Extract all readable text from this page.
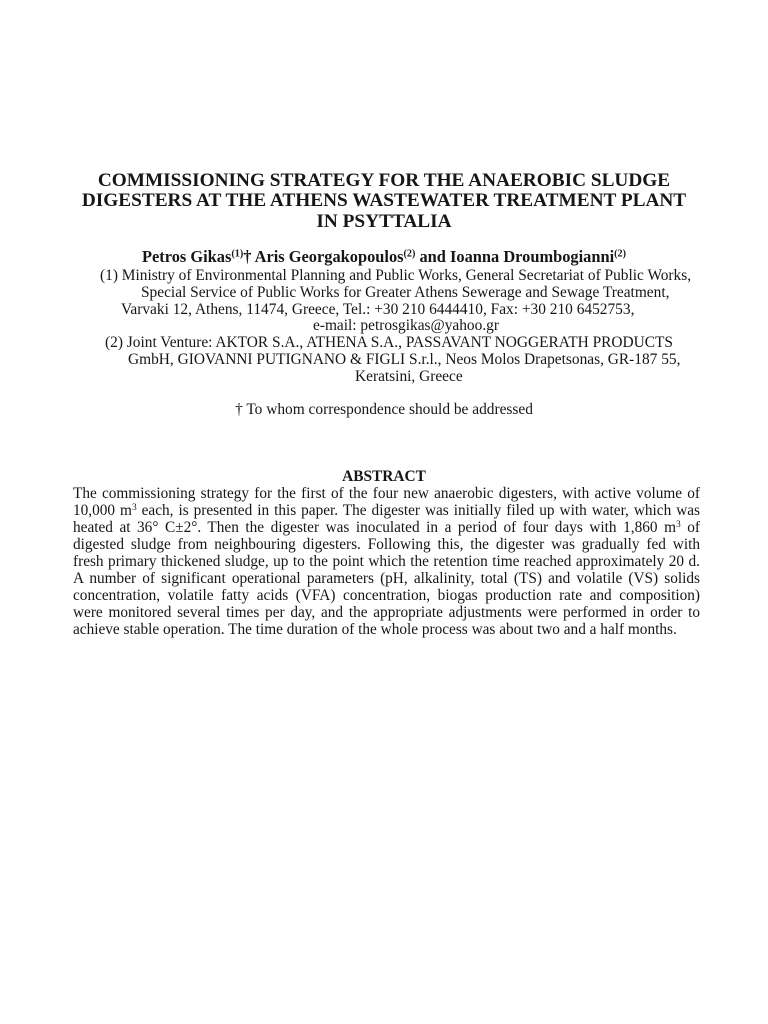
COMMISSIONING STRATEGY FOR THE ANAEROBIC SLUDGE
DIGESTERS AT THE ATHENS WASTEWATER TREATMENT PLANT
IN PSYTTALIA
Petros Gikas$^{(1)}$† Aris Georgakopoulos$^{(2)}$ and Ioanna Droumbogianni$^{(2)}$
(1) Ministry of Environmental Planning and Public Works, General Secretariat of Public Works,
Special Service of Public Works for Greater Athens Sewerage and Sewage Treatment,
Varvaki 12, Athens, 11474, Greece, Tel.: +30 210 6444410, Fax: +30 210 6452753,
e-mail: petrosgikas@yahoo.gr
(2) Joint Venture: AKTOR S.A., ATHENA S.A., PASSAVANT NOGGERATH PRODUCTS
GmbH, GIOVANNI PUTIGNANO & FIGLI S.r.l., Neos Molos Drapetsonas, GR-187 55,
Keratsini, Greece
† To whom correspondence should be addressed
ABSTRACT
The commissioning strategy for the first of the four new anaerobic digesters, with active volume of
10,000 $m^3$ each, is presented in this paper. The digester was initially filed up with water, which was
heated at 36° C±2°. Then the digester was inoculated in a period of four days with 1,860 $m^3$ of
digested sludge from neighbouring digesters. Following this, the digester was gradually fed with
fresh primary thickened sludge, up to the point which the retention time reached approximately 20 d.
A number of significant operational parameters (pH, alkalinity, total (TS) and volatile (VS) solids
concentration, volatile fatty acids (VFA) concentration, biogas production rate and composition)
were monitored several times per day, and the appropriate adjustments were performed in order to
achieve stable operation. The time duration of the whole process was about two and a half months.
